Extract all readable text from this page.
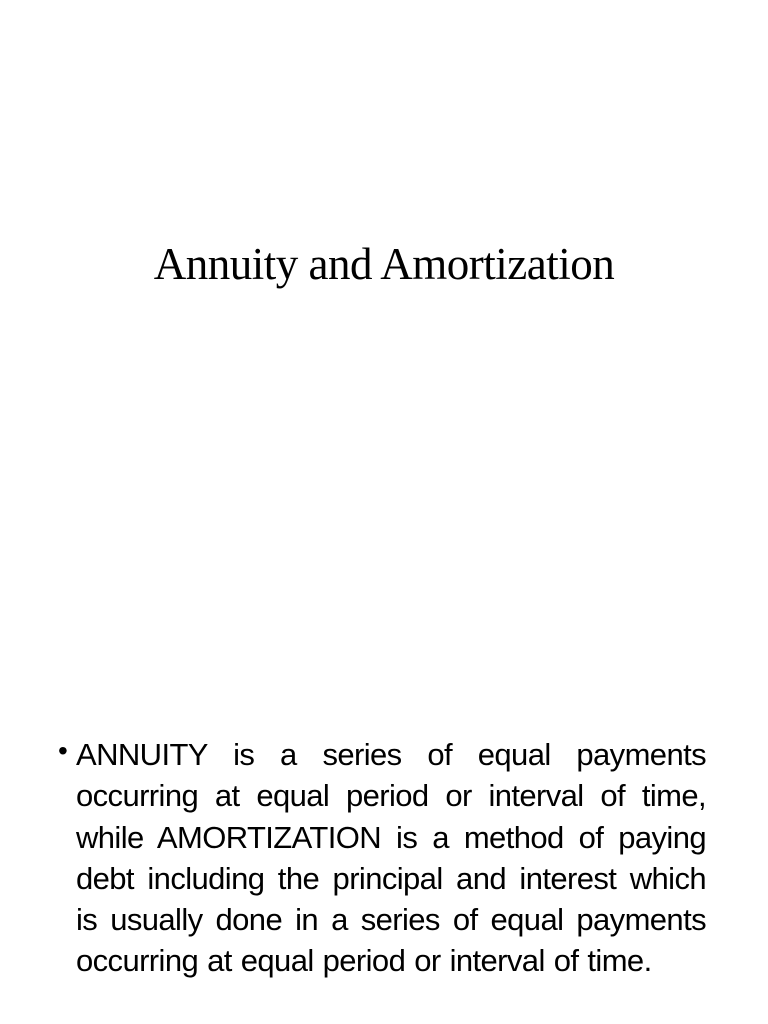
Annuity and Amortization
• ANNUITY is a series of equal payments occurring at equal period or interval of time, while AMORTIZATION is a method of paying debt including the principal and interest which is usually done in a series of equal payments occurring at equal period or interval of time.
